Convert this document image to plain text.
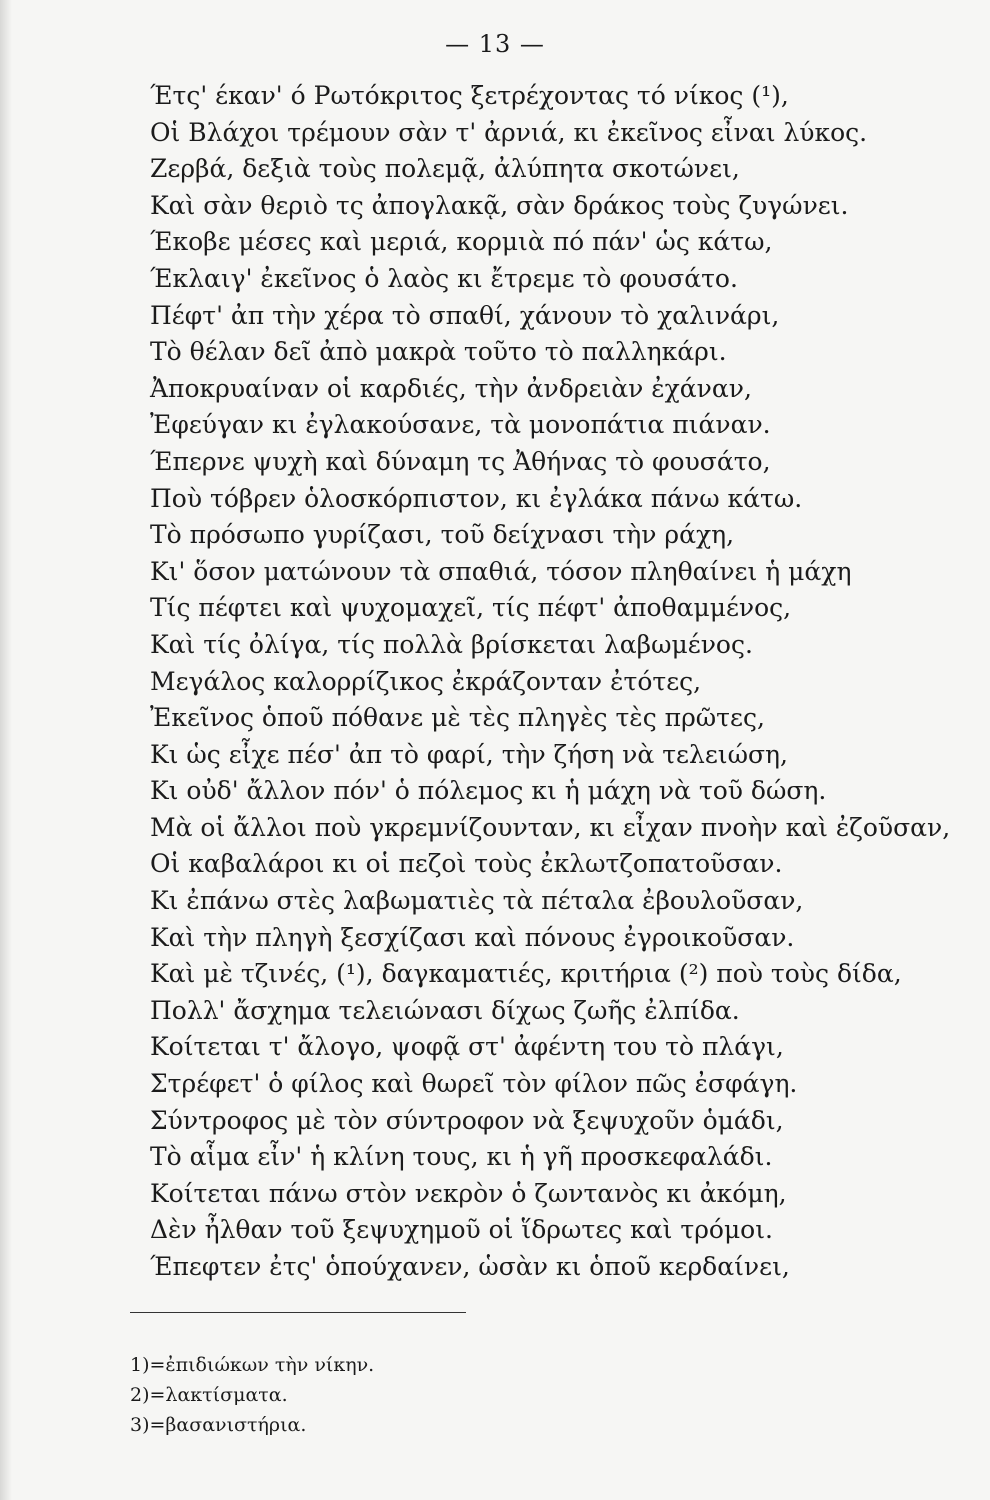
— 13 —
Έτς' έκαν' ό Ρωτόκριτος ξετρέχοντας τό νίκος (¹),
Οἱ Βλάχοι τρέμουν σὰν τ' ἀρνιά, κι ἐκεῖνος εἶναι λύκος.
Ζερβά, δεξιὰ τοὺς πολεμᾷ, ἀλύπητα σκοτώνει,
Καὶ σὰν θεριὸ τς ἀπογλακᾷ, σὰν δράκος τοὺς ζυγώνει.
Έκοβε μέσες καὶ μεριά, κορμιὰ πό πάν' ὡς κάτω,
Έκλαιγ' ἐκεῖνος ὁ λαὸς κι ἔτρεμε τὸ φουσάτο.
Πέφτ' ἀπ τὴν χέρα τὸ σπαθί, χάνουν τὸ χαλινάρι,
Τὸ θέλαν δεῖ ἀπὸ μακρὰ τοῦτο τὸ παλληκάρι.
Ἀποκρυαίναν οἱ καρδιές, τὴν ἀνδρειὰν ἐχάναν,
Ἐφεύγαν κι ἐγλακούσανε, τὰ μονοπάτια πιάναν.
Έπερνε ψυχὴ καὶ δύναμη τς Ἀθήνας τὸ φουσάτο,
Ποὺ τόβρεν ὁλοσκόρπιστον, κι ἐγλάκα πάνω κάτω.
Τὸ πρόσωπο γυρίζασι, τοῦ δείχνασι τὴν ράχη,
Κι' ὅσον ματώνουν τὰ σπαθιά, τόσον πληθαίνει ἡ μάχη
Τίς πέφτει καὶ ψυχομαχεῖ, τίς πέφτ' ἀποθαμμένος,
Καὶ τίς ὀλίγα, τίς πολλὰ βρίσκεται λαβωμένος.
Μεγάλος καλορρίζικος ἐκράζονταν ἐτότες,
Ἐκεῖνος ὁποῦ πόθανε μὲ τὲς πληγὲς τὲς πρῶτες,
Κι ὡς εἶχε πέσ' ἀπ τὸ φαρί, τὴν ζήση νὰ τελειώση,
Κι οὐδ' ἄλλον πόν' ὁ πόλεμος κι ἡ μάχη νὰ τοῦ δώση.
Μὰ οἱ ἄλλοι ποὺ γκρεμνίζουνταν, κι εἶχαν πνοὴν καὶ ἐζοῦσαν,
Οἱ καβαλάροι κι οἱ πεζοὶ τοὺς ἐκλωτζοπατοῦσαν.
Κι ἐπάνω στὲς λαβωματιὲς τὰ πέταλα ἐβουλοῦσαν,
Καὶ τὴν πληγὴ ξεσχίζασι καὶ πόνους ἐγροικοῦσαν.
Καὶ μὲ τζινές, (¹), δαγκαματιές, κριτήρια (²) ποὺ τοὺς δίδα,
Πολλ' ἄσχημα τελειώνασι δίχως ζωῆς ἐλπίδα.
Κοίτεται τ' ἄλογο, ψοφᾷ στ' ἀφέντη του τὸ πλάγι,
Στρέφετ' ὁ φίλος καὶ θωρεῖ τὸν φίλον πῶς ἐσφάγη.
Σύντροφος μὲ τὸν σύντροφον νὰ ξεψυχοῦν ὁμάδι,
Τὸ αἷμα εἶν' ἡ κλίνη τους, κι ἡ γῆ προσκεφαλάδι.
Κοίτεται πάνω στὸν νεκρὸν ὁ ζωντανὸς κι ἀκόμη,
Δὲν ἦλθαν τοῦ ξεψυχημοῦ οἱ ἵδρωτες καὶ τρόμοι.
Έπεφτεν ἐτς' ὁπούχανεν, ὡσὰν κι ὁποῦ κερδαίνει,
1)=ἐπιδιώκων τὴν νίκην.
2)=λακτίσματα.
3)=βασανιστήρια.
